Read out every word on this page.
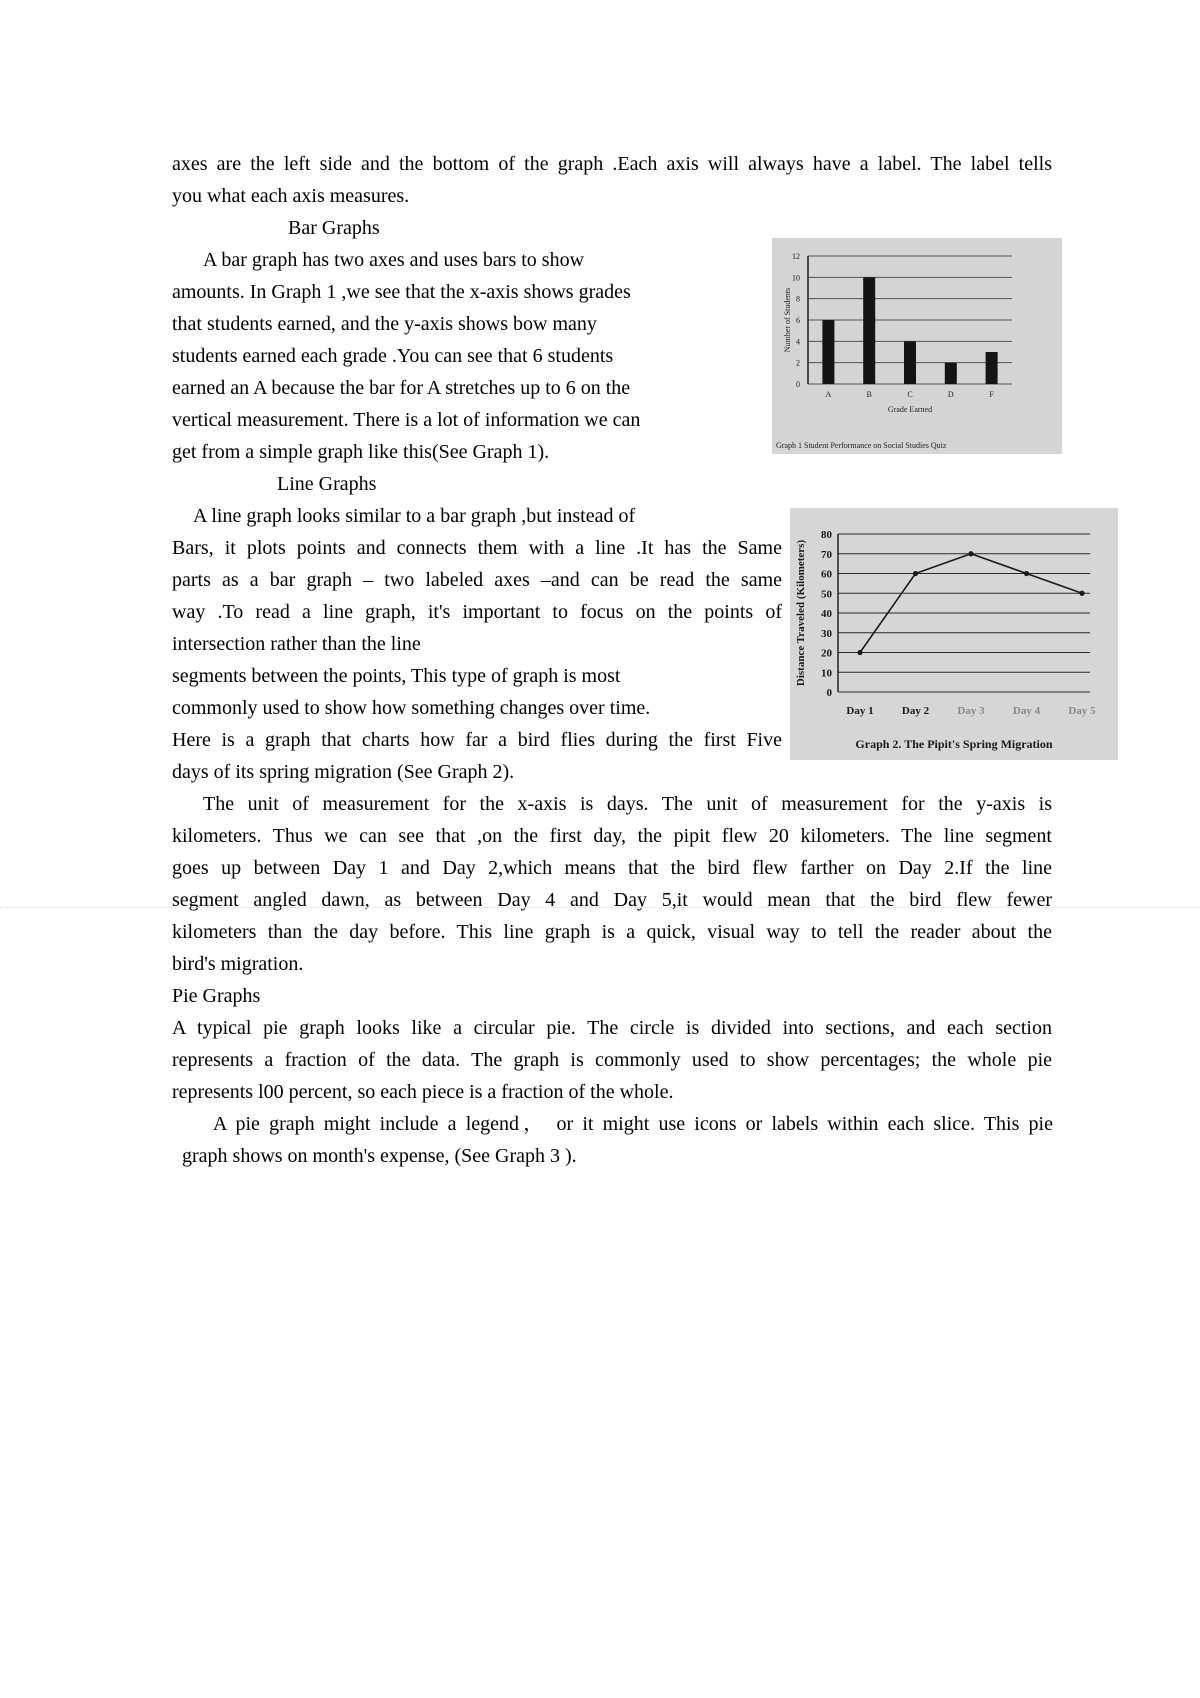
axes are the left side and the bottom of the graph .Each axis will always have a label. The label tells

you what each axis measures.

Bar Graphs

A bar graph has two axes and uses bars to show

amounts. In Graph 1 ,we see that the x-axis shows grades

that students earned, and the y-axis shows bow many

students earned each grade .You can see that 6 students

earned an A because the bar for A stretches up to 6 on the

vertical measurement. There is a lot of information we can

get from a simple graph like this(See Graph 1).

0
2
4
6
8
10
12
Number of Students
A	B	C	D	F
Grade Earned
Graph 1 Student Performance on Social Studies Quiz

Line Graphs

A line graph looks similar to a bar graph ,but instead of

Bars, it plots points and connects them with a line .It has the Same

parts as a bar graph – two labeled axes –and can be read the same

way .To read a line graph, it's important to focus on the points of

intersection rather than the line

segments between the points, This type of graph is most

commonly used to show how something changes over time.

Here is a graph that charts how far a bird flies during the first Five

days of its spring migration (See Graph 2).

0
10
20
30
40
50
60
70
80
Distance Traveled (Kilometers)
Day 1	Day 2	Day 3	Day 4	Day 5
Graph 2. The Pipit's Spring Migration

The unit of measurement for the x-axis is days. The unit of measurement for the y-axis is

kilometers. Thus we can see that ,on the first day, the pipit flew 20 kilometers. The line segment

goes up between Day 1 and Day 2,which means that the bird flew farther on Day 2.If the line

segment angled dawn, as between Day 4 and Day 5,it would mean that the bird flew fewer

kilometers than the day before. This line graph is a quick, visual way to tell the reader about the

bird's migration.

Pie Graphs

A typical pie graph looks like a circular pie. The circle is divided into sections, and each section

represents a fraction of the data. The graph is commonly used to show percentages; the whole pie

represents l00 percent, so each piece is a fraction of the whole.

A pie graph might include a legend， or it might use icons or labels within each slice. This pie

graph shows on month's expense, (See Graph 3 ).
